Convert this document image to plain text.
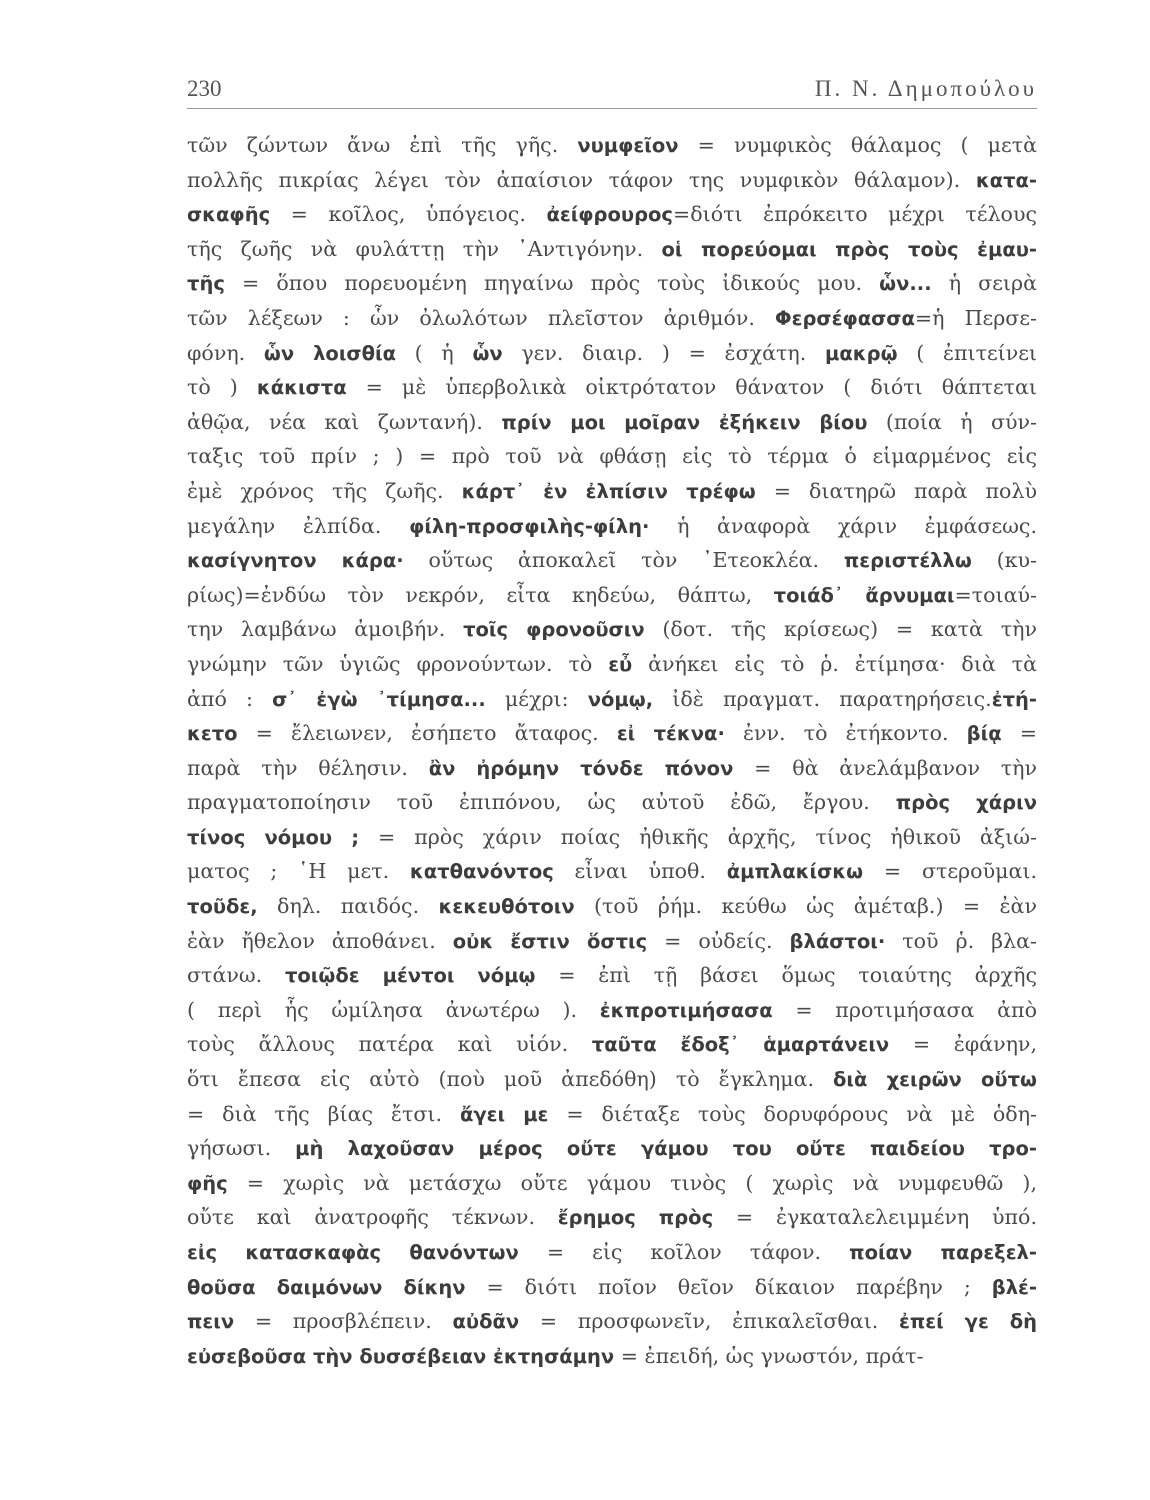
230	Π. Ν. Δημοπούλου
τῶν ζώντων ἄνω ἐπὶ τῆς γῆς. νυμφεῖον = νυμφικὸς θάλαμος ( μετὰ
πολλῆς πικρίας λέγει τὸν ἀπαίσιον τάφον της νυμφικὸν θάλαμον). κατα-
σκαφῆς = κοῖλος, ὑπόγειος. ἀείφρουρος=διότι ἐπρόκειτο μέχρι τέλους
τῆς ζωῆς νὰ φυλάττῃ τὴν ᾽Αντιγόνην. οἱ πορεύομαι πρὸς τοὺς ἐμαυ-
τῆς = ὅπου πορευομένη πηγαίνω πρὸς τοὺς ἰδικούς μου. ὧν... ἡ σειρὰ
τῶν λέξεων : ὧν ὀλωλότων πλεῖστον ἀριθμόν. Φερσέφασσα=ἡ Περσε-
φόνη. ὧν λοισθία ( ἡ ὧν γεν. διαιρ. ) = ἐσχάτη. μακρῷ ( ἐπιτείνει
τὸ ) κάκιστα = μὲ ὑπερβολικὰ οἰκτρότατον θάνατον ( διότι θάπτεται
ἀθῷα, νέα καὶ ζωντανή). πρίν μοι μοῖραν ἐξήκειν βίου (ποία ἡ σύν-
ταξις τοῦ πρίν ; ) = πρὸ τοῦ νὰ φθάσῃ εἰς τὸ τέρμα ὁ εἱμαρμένος εἰς
ἐμὲ χρόνος τῆς ζωῆς. κάρτ᾽ ἐν ἐλπίσιν τρέφω = διατηρῶ παρὰ πολὺ
μεγάλην ἐλπίδα. φίλη-προσφιλὴς-φίλη· ἡ ἀναφορὰ χάριν ἐμφάσεως.
κασίγνητον κάρα· οὕτως ἀποκαλεῖ τὸν ᾽Ετεοκλέα. περιστέλλω (κυ-
ρίως)=ἐνδύω τὸν νεκρόν, εἶτα κηδεύω, θάπτω, τοιάδ᾽ ἄρνυμαι=τοιαύ-
την λαμβάνω ἀμοιβήν. τοῖς φρονοῦσιν (δοτ. τῆς κρίσεως) = κατὰ τὴν
γνώμην τῶν ὑγιῶς φρονούντων. τὸ εὖ ἀνήκει εἰς τὸ ῥ. ἐτίμησα· διὰ τὰ
ἀπό : σ᾽ ἐγὼ ᾽τίμησα... μέχρι: νόμῳ, ἰδὲ πραγματ. παρατηρήσεις.ἐτή-
κετο = ἔλειωνεν, ἐσήπετο ἄταφος. εἰ τέκνα· ἐνν. τὸ ἐτήκοντο. βίᾳ =
παρὰ τὴν θέλησιν. ἂν ἠρόμην τόνδε πόνον = θὰ ἀνελάμβανον τὴν
πραγματοποίησιν τοῦ ἐπιπόνου, ὡς αὐτοῦ ἐδῶ, ἔργου. πρὸς χάριν
τίνος νόμου ; = πρὸς χάριν ποίας ἠθικῆς ἀρχῆς, τίνος ἠθικοῦ ἀξιώ-
ματος ; ῾Η μετ. κατθανόντος εἶναι ὑποθ. ἀμπλακίσκω = στεροῦμαι.
τοῦδε, δηλ. παιδός. κεκευθότοιν (τοῦ ῥήμ. κεύθω ὡς ἀμέταβ.) = ἐὰν
ἐὰν ἤθελον ἀποθάνει. οὐκ ἔστιν ὅστις = οὐδείς. βλάστοι· τοῦ ῥ. βλα-
στάνω. τοιῷδε μέντοι νόμῳ = ἐπὶ τῇ βάσει ὅμως τοιαύτης ἀρχῆς
( περὶ ἧς ὡμίλησα ἀνωτέρω ). ἐκπροτιμήσασα = προτιμήσασα ἀπὸ
τοὺς ἄλλους πατέρα καὶ υἱόν. ταῦτα ἔδοξ᾽ ἁμαρτάνειν = ἐφάνην,
ὅτι ἔπεσα εἰς αὐτὸ (ποὺ μοῦ ἀπεδόθη) τὸ ἔγκλημα. διὰ χειρῶν οὕτω
= διὰ τῆς βίας ἔτσι. ἄγει με = διέταξε τοὺς δορυφόρους νὰ μὲ ὁδη-
γήσωσι. μὴ λαχοῦσαν μέρος οὔτε γάμου του οὔτε παιδείου τρο-
φῆς = χωρὶς νὰ μετάσχω οὔτε γάμου τινὸς ( χωρὶς νὰ νυμφευθῶ ),
οὔτε καὶ ἀνατροφῆς τέκνων. ἔρημος πρὸς = ἐγκαταλελειμμένη ὑπό.
εἰς κατασκαφὰς θανόντων = εἰς κοῖλον τάφον. ποίαν παρεξελ-
θοῦσα δαιμόνων δίκην = διότι ποῖον θεῖον δίκαιον παρέβην ; βλέ-
πειν = προσβλέπειν. αὐδᾶν = προσφωνεῖν, ἐπικαλεῖσθαι. ἐπεί γε δὴ
εὐσεβοῦσα τὴν δυσσέβειαν ἐκτησάμην = ἐπειδή, ὡς γνωστόν, πράτ-
